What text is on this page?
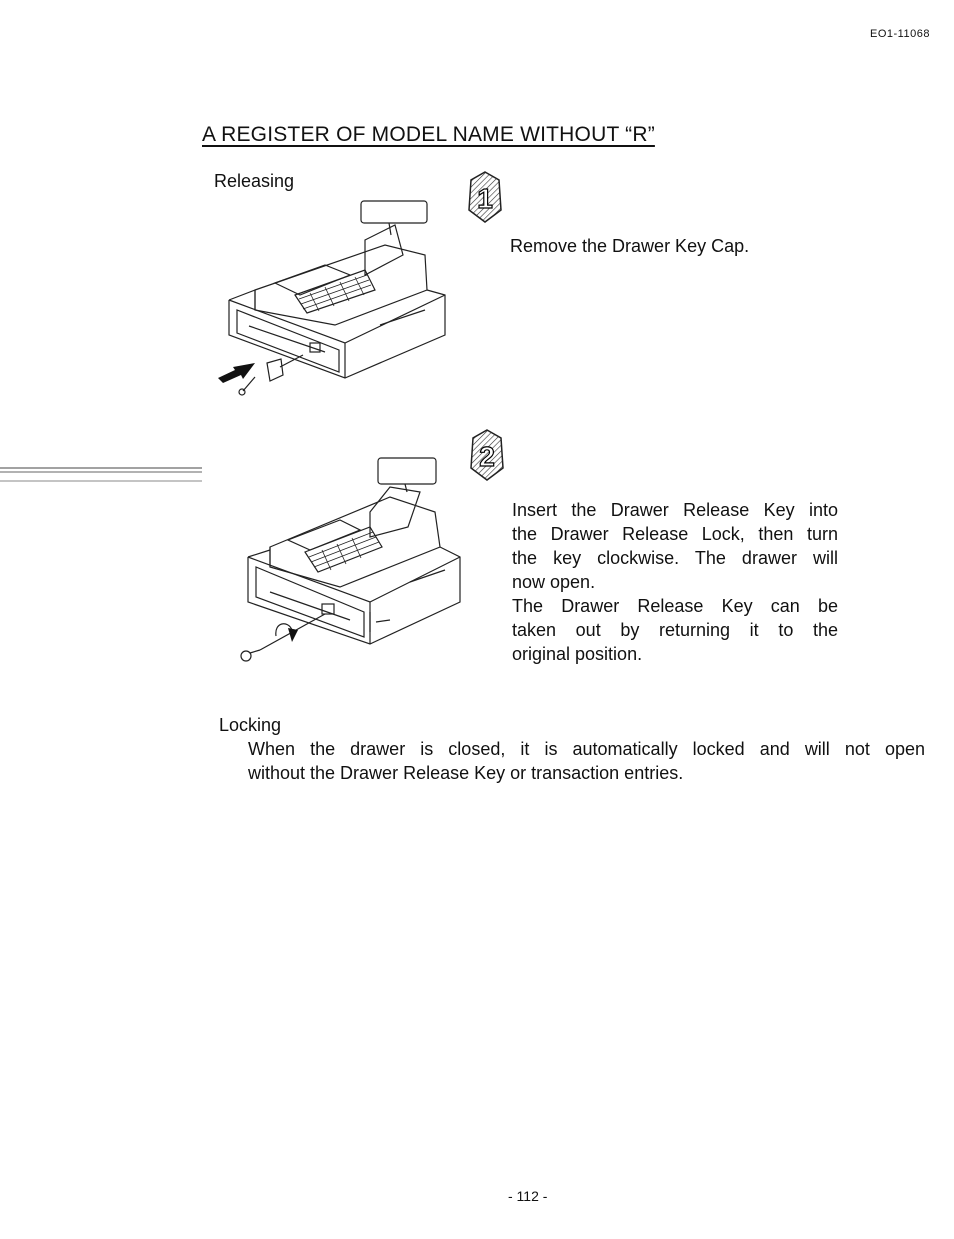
EO1-11068
A REGISTER OF MODEL NAME WITHOUT “R”
Releasing
1
Remove the Drawer Key Cap.
2
Insert the Drawer Release Key into
the Drawer Release Lock, then turn
the key clockwise. The drawer will
now open.
The Drawer Release Key can be
taken out by returning it to the
original position.
Locking
When the drawer is closed, it is automatically locked and will not open
without the Drawer Release Key or transaction entries.
- 112 -
